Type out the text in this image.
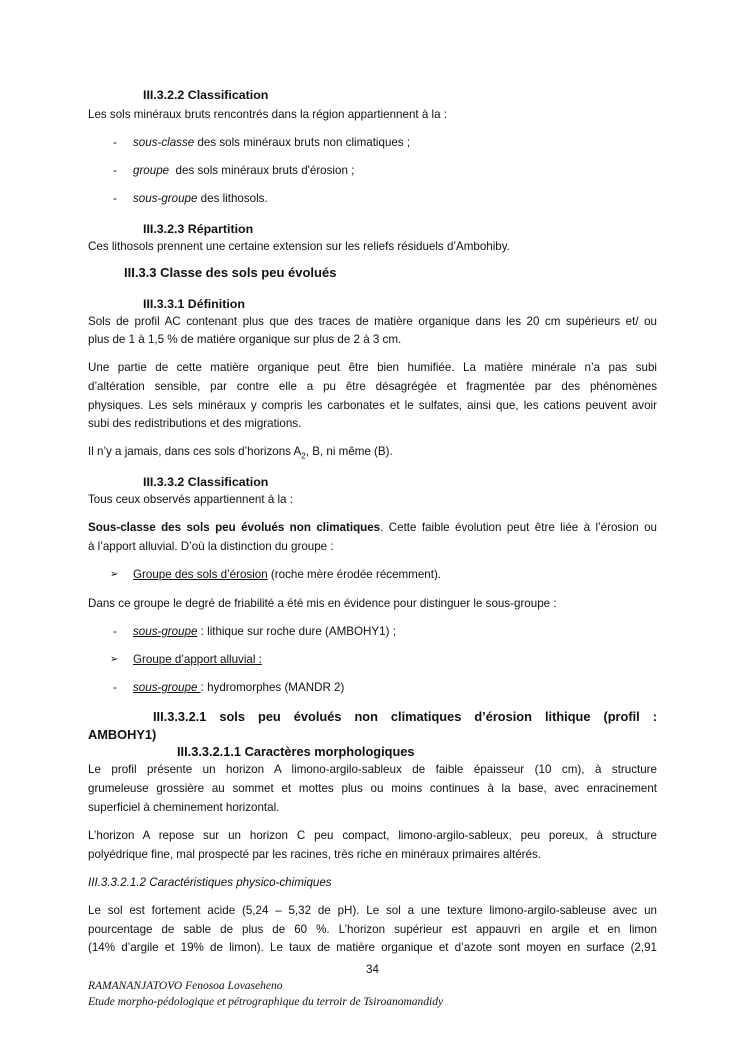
III.3.2.2 Classification
Les sols minéraux bruts rencontrés dans la région appartiennent à la :
- sous-classe des sols minéraux bruts non climatiques ;
- groupe  des sols minéraux bruts d'érosion ;
- sous-groupe des lithosols.
III.3.2.3 Répartition
Ces lithosols prennent une certaine extension sur les reliefs résiduels d’Ambohiby.
III.3.3 Classe des sols peu évolués
III.3.3.1 Définition
Sols de profil AC contenant plus que des traces de matière organique dans les 20 cm supérieurs et/ ou
plus de 1 à 1,5 % de matière organique sur plus de 2 à 3 cm.
Une partie de cette matière organique peut être bien humifiée. La matière minérale n’a pas subi
d’altération sensible, par contre elle a pu être désagrégée et fragmentée par des phénomènes
physiques. Les sels minéraux y compris les carbonates et le sulfates, ainsi que, les cations peuvent avoir
subi des redistributions et des migrations.
Il n’y a jamais, dans ces sols d’horizons $A_2$, B, ni même (B).
III.3.3.2 Classification
Tous ceux observés appartiennent à la :
Sous-classe des sols peu évolués non climatiques. Cette faible évolution peut être liée à l’érosion ou
à l’apport alluvial. D’où la distinction du groupe :
➢ Groupe des sols d’érosion (roche mère érodée récemment).
Dans ce groupe le degré de friabilité a été mis en évidence pour distinguer le sous-groupe :
- sous-groupe : lithique sur roche dure (AMBOHY1) ;
➢ Groupe d’apport alluvial :
- sous-groupe : hydromorphes (MANDR 2)
III.3.3.2.1 sols peu évolués non climatiques d’érosion lithique (profil :
AMBOHY1)
III.3.3.2.1.1 Caractères morphologiques
Le profil présente un horizon A limono-argilo-sableux de faible épaisseur (10 cm), à structure
grumeleuse grossière au sommet et mottes plus ou moins continues à la base, avec enracinement
superficiel à cheminement horizontal.
L’horizon A repose sur un horizon C peu compact, limono-argilo-sableux, peu poreux, à structure
polyédrique fine, mal prospecté par les racines, très riche en minéraux primaires altérés.
III.3.3.2.1.2 Caractéristiques physico-chimiques
Le sol est fortement acide (5,24 – 5,32 de pH). Le sol a une texture limono-argilo-sableuse avec un
pourcentage de sable de plus de 60 %. L’horizon supérieur est appauvri en argile et en limon
(14% d’argile et 19% de limon). Le taux de matière organique et d’azote sont moyen en surface (2,91
34
RAMANANJATOVO Fenosoa Lovaseheno
Etude morpho-pédologique et pétrographique du terroir de Tsiroanomandidy
